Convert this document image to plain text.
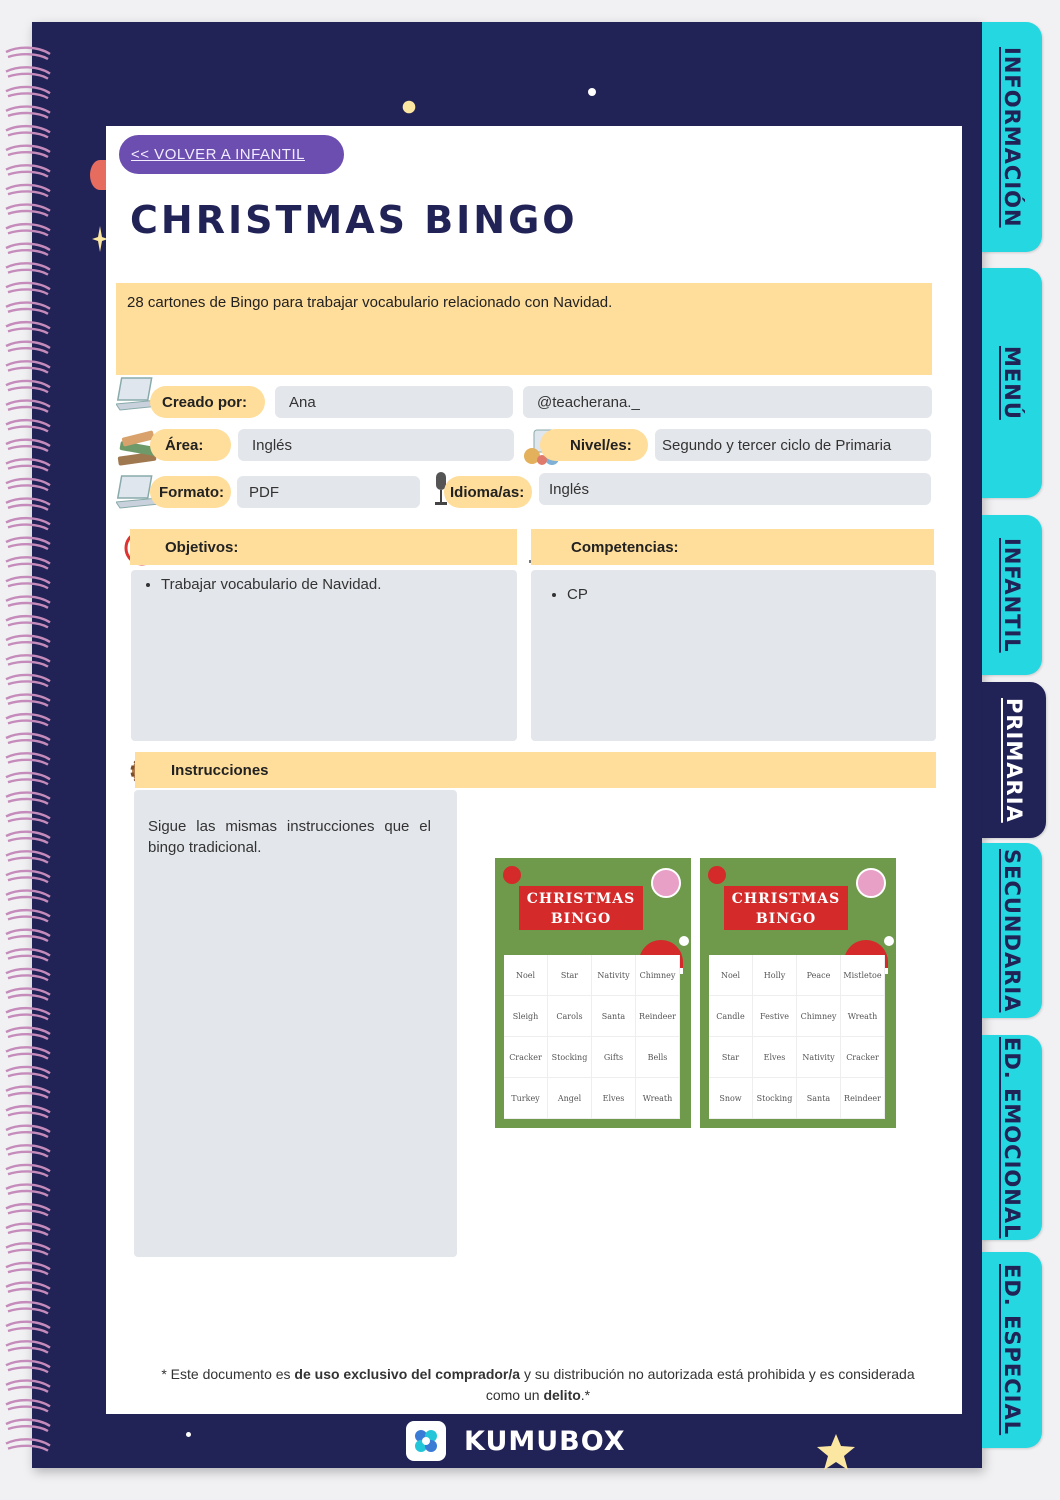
INFORMACIÓN
MENÚ
INFANTIL
PRIMARIA
SECUNDARIA
ED. EMOCIONAL
ED. ESPECIAL
<< VOLVER A INFANTIL
CHRISTMAS BINGO
28 cartones de Bingo para trabajar vocabulario relacionado con Navidad.
Creado por:	Ana	@teacherana._
Área:	Inglés	Nivel/es:	Segundo y tercer ciclo de Primaria
Formato:	PDF	Idioma/as:	Inglés
Objetivos:
• Trabajar vocabulario de Navidad.
Competencias:
• CP
Instrucciones
Sigue las mismas instrucciones que el bingo tradicional.
CHRISTMAS
BINGO
Noel	Star	Nativity	Chimney
Sleigh	Carols	Santa	Reindeer
Cracker	Stocking	Gifts	Bells
Turkey	Angel	Elves	Wreath
CHRISTMAS
BINGO
Noel	Holly	Peace	Mistletoe
Candle	Festive	Chimney	Wreath
Star	Elves	Nativity	Cracker
Snow	Stocking	Santa	Reindeer
* Este documento es de uso exclusivo del comprador/a y su distribución no autorizada está prohibida y es considerada como un delito.*
KUMUBOX
